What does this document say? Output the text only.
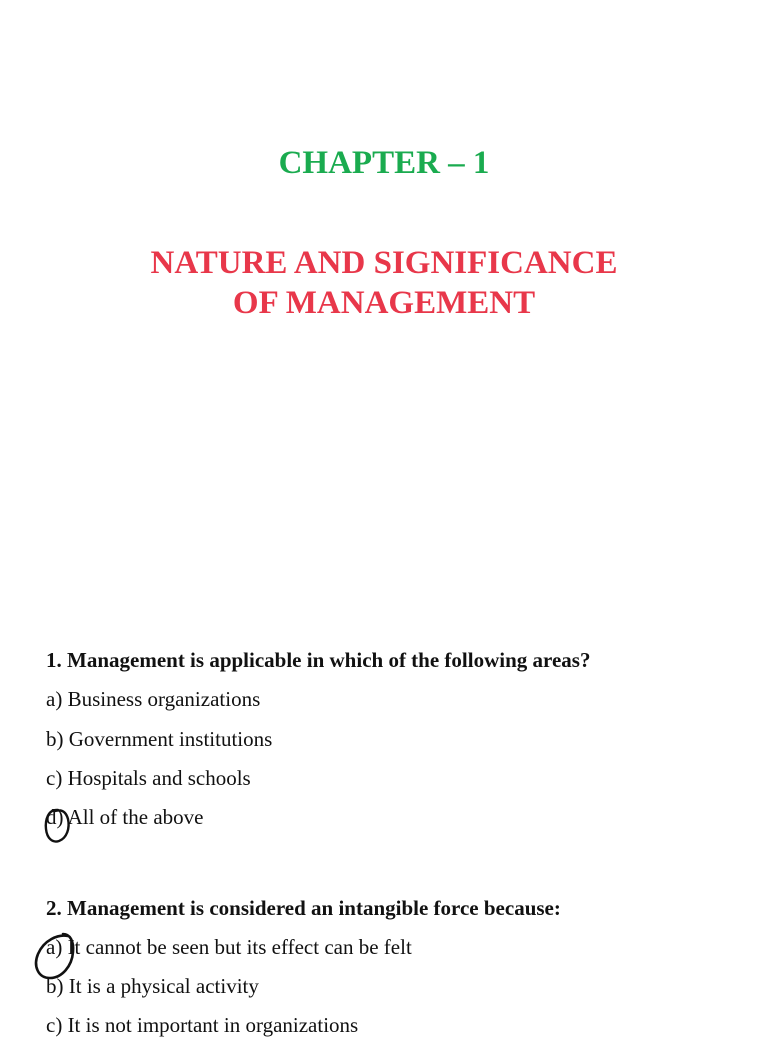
CHAPTER – 1
NATURE AND SIGNIFICANCE
OF MANAGEMENT
1. Management is applicable in which of the following areas?
a) Business organizations
b) Government institutions
c) Hospitals and schools
d) All of the above
2. Management is considered an intangible force because:
a) It cannot be seen but its effect can be felt
b) It is a physical activity
c) It is not important in organizations
